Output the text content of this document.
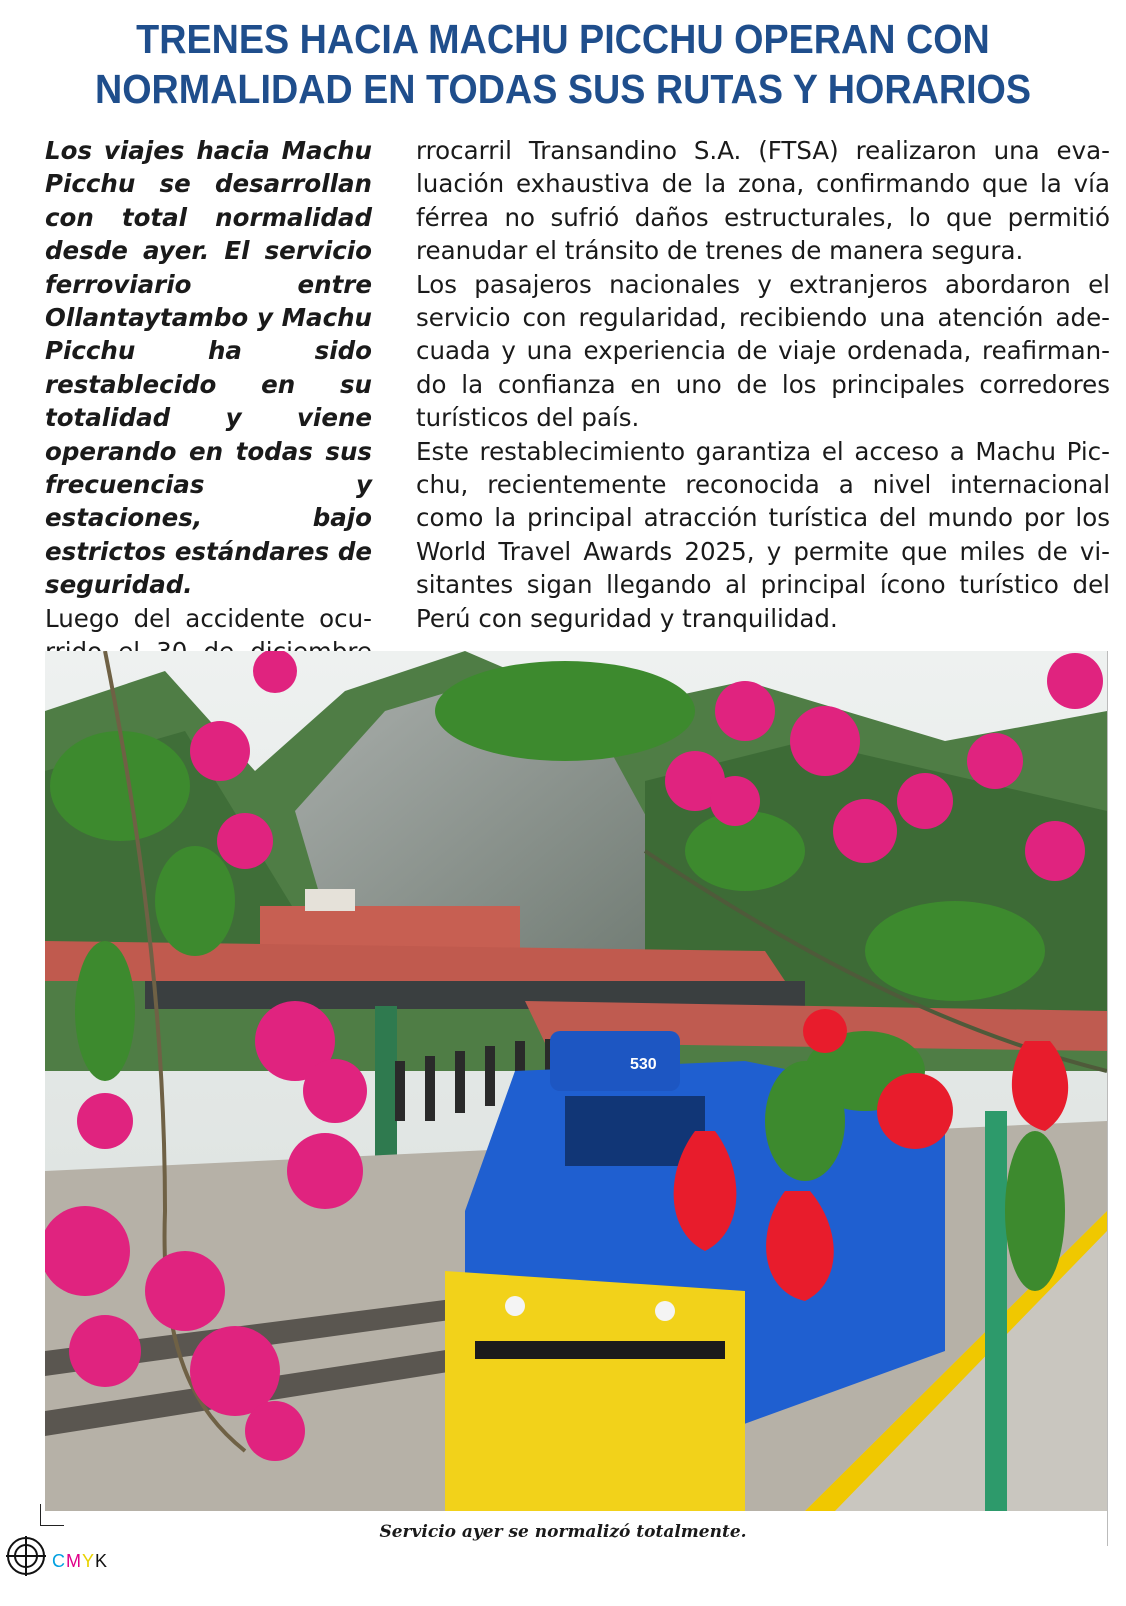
TRENES HACIA MACHU PICCHU OPERAN CON
NORMALIDAD EN TODAS SUS RUTAS Y HORARIOS

Los viajes hacia Machu Picchu se desarrollan con total normalidad desde ayer. El servicio ferroviario entre Ollantaytambo y Machu Picchu ha sido restablecido en su totalidad y viene operando en todas sus frecuencias y estaciones, bajo estrictos estándares de seguridad.

Luego del accidente ocu

rrocarril Transandino S.A. (FTSA) realizaron una evaluación exhaustiva de la zona, confirmando que la vía férrea no sufrió daños estructurales, lo que permitió reanudar el tránsito de trenes de manera segura.

Los pasajeros nacionales y extranjeros abordaron el servicio con regularidad, recibiendo una atención adecuada y una experiencia de viaje ordenada, reafirmando la confianza en uno de los principales corredores turísticos del país.

Este restablecimiento garantiza el acceso a Machu Picchu, recientemente reconocida a nivel internacional como la principal atracción turística del mundo por los World Travel Awards 2025, y permite que miles de visitantes sigan llegando al principal ícono turístico del Perú con seguridad y tranquilidad.

530
Servicio ayer se normalizó totalmente.
CMYK
